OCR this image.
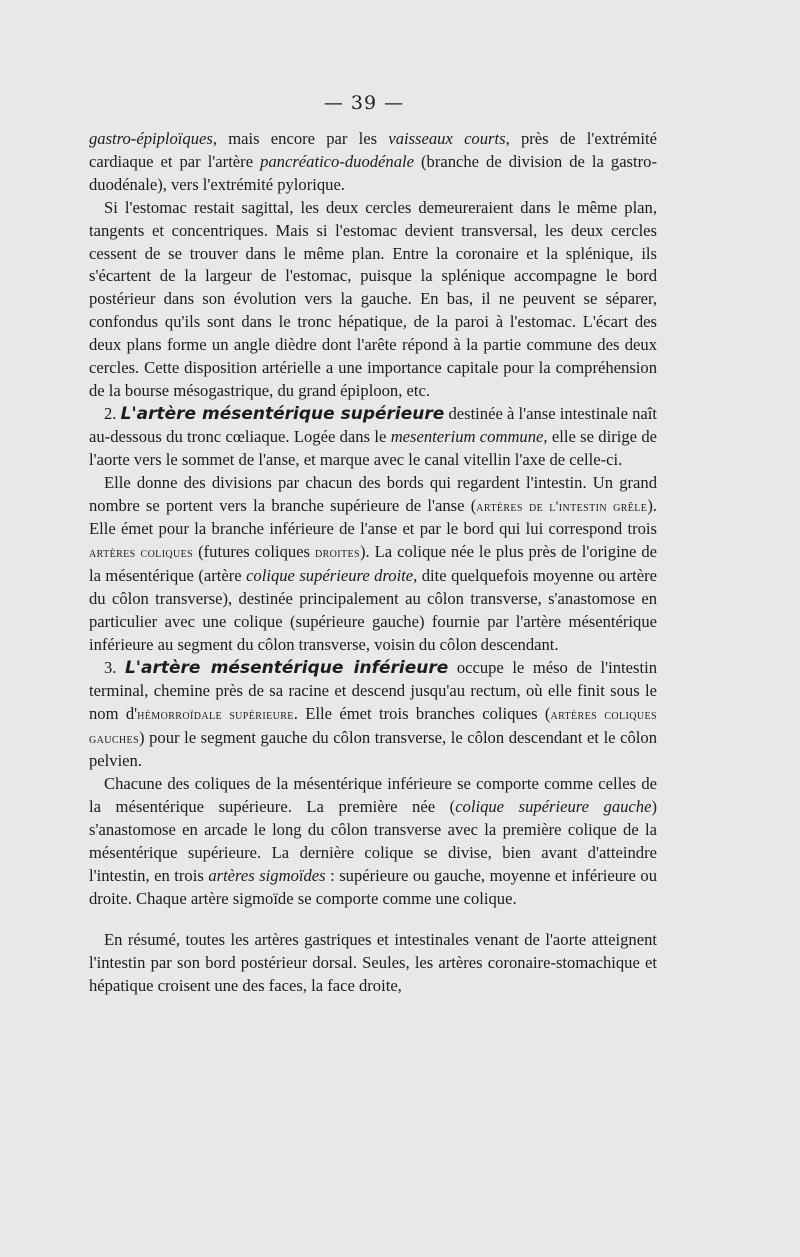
— 39 —

gastro-épiploïques, mais encore par les vaisseaux courts, près de l'extrémité cardiaque et par l'artère pancréatico-duodénale (branche de division de la gastro-duodénale), vers l'extrémité pylorique.

Si l'estomac restait sagittal, les deux cercles demeureraient dans le même plan, tangents et concentriques. Mais si l'estomac devient transversal, les deux cercles cessent de se trouver dans le même plan. Entre la coronaire et la splénique, ils s'écartent de la largeur de l'estomac, puisque la splénique accompagne le bord postérieur dans son évolution vers la gauche. En bas, il ne peuvent se séparer, confondus qu'ils sont dans le tronc hépatique, de la paroi à l'estomac. L'écart des deux plans forme un angle dièdre dont l'arête répond à la partie commune des deux cercles. Cette disposition artérielle a une importance capitale pour la compréhension de la bourse mésogastrique, du grand épiploon, etc.

2. L'artère mésentérique supérieure destinée à l'anse intestinale naît au-dessous du tronc cœliaque. Logée dans le mesenterium commune, elle se dirige de l'aorte vers le sommet de l'anse, et marque avec le canal vitellin l'axe de celle-ci.

Elle donne des divisions par chacun des bords qui regardent l'intestin. Un grand nombre se portent vers la branche supérieure de l'anse (artères de l'intestin grêle). Elle émet pour la branche inférieure de l'anse et par le bord qui lui correspond trois artères coliques (futures coliques droites). La colique née le plus près de l'origine de la mésentérique (artère colique supérieure droite, dite quelquefois moyenne ou artère du côlon transverse), destinée principalement au côlon transverse, s'anastomose en particulier avec une colique (supérieure gauche) fournie par l'artère mésentérique inférieure au segment du côlon transverse, voisin du côlon descendant.

3. L'artère mésentérique inférieure occupe le méso de l'intestin terminal, chemine près de sa racine et descend jusqu'au rectum, où elle finit sous le nom d'hémorroïdale supérieure. Elle émet trois branches coliques (artères coliques gauches) pour le segment gauche du côlon transverse, le côlon descendant et le côlon pelvien.

Chacune des coliques de la mésentérique inférieure se comporte comme celles de la mésentérique supérieure. La première née (colique supérieure gauche) s'anastomose en arcade le long du côlon transverse avec la première colique de la mésentérique supérieure. La dernière colique se divise, bien avant d'atteindre l'intestin, en trois artères sigmoïdes : supérieure ou gauche, moyenne et inférieure ou droite. Chaque artère sigmoïde se comporte comme une colique.

En résumé, toutes les artères gastriques et intestinales venant de l'aorte atteignent l'intestin par son bord postérieur dorsal. Seules, les artères coronaire-stomachique et hépatique croisent une des faces, la face droite,
